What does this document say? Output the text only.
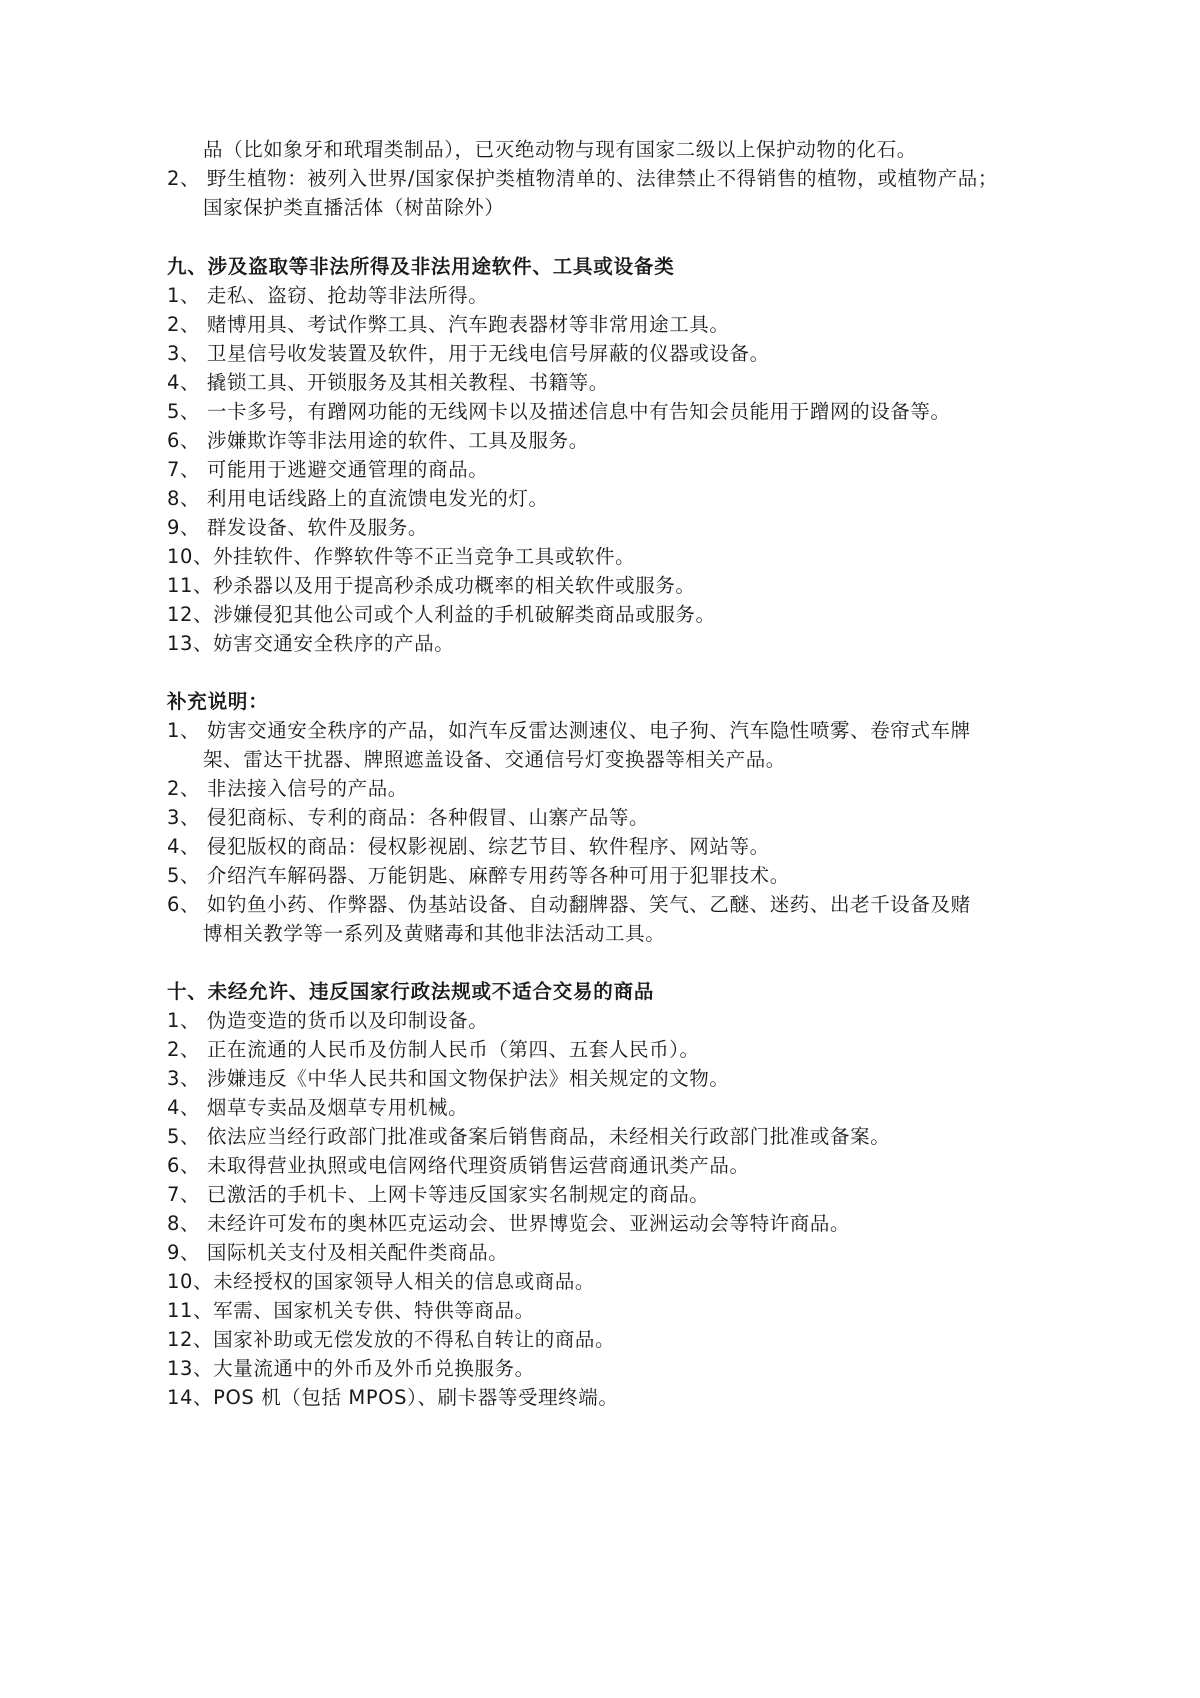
品（比如象牙和玳瑁类制品），已灭绝动物与现有国家二级以上保护动物的化石。
2、 野生植物：被列入世界/国家保护类植物清单的、法律禁止不得销售的植物，或植物产品；
国家保护类直播活体（树苗除外）
九、涉及盗取等非法所得及非法用途软件、工具或设备类
1、 走私、盗窃、抢劫等非法所得。
2、 赌博用具、考试作弊工具、汽车跑表器材等非常用途工具。
3、 卫星信号收发装置及软件，用于无线电信号屏蔽的仪器或设备。
4、 撬锁工具、开锁服务及其相关教程、书籍等。
5、 一卡多号，有蹭网功能的无线网卡以及描述信息中有告知会员能用于蹭网的设备等。
6、 涉嫌欺诈等非法用途的软件、工具及服务。
7、 可能用于逃避交通管理的商品。
8、 利用电话线路上的直流馈电发光的灯。
9、 群发设备、软件及服务。
10、外挂软件、作弊软件等不正当竞争工具或软件。
11、秒杀器以及用于提高秒杀成功概率的相关软件或服务。
12、涉嫌侵犯其他公司或个人利益的手机破解类商品或服务。
13、妨害交通安全秩序的产品。
补充说明：
1、 妨害交通安全秩序的产品，如汽车反雷达测速仪、电子狗、汽车隐性喷雾、卷帘式车牌
架、雷达干扰器、牌照遮盖设备、交通信号灯变换器等相关产品。
2、 非法接入信号的产品。
3、 侵犯商标、专利的商品：各种假冒、山寨产品等。
4、 侵犯版权的商品：侵权影视剧、综艺节目、软件程序、网站等。
5、 介绍汽车解码器、万能钥匙、麻醉专用药等各种可用于犯罪技术。
6、 如钓鱼小药、作弊器、伪基站设备、自动翻牌器、笑气、乙醚、迷药、出老千设备及赌
博相关教学等一系列及黄赌毒和其他非法活动工具。
十、未经允许、违反国家行政法规或不适合交易的商品
1、 伪造变造的货币以及印制设备。
2、 正在流通的人民币及仿制人民币（第四、五套人民币）。
3、 涉嫌违反《中华人民共和国文物保护法》相关规定的文物。
4、 烟草专卖品及烟草专用机械。
5、 依法应当经行政部门批准或备案后销售商品，未经相关行政部门批准或备案。
6、 未取得营业执照或电信网络代理资质销售运营商通讯类产品。
7、 已激活的手机卡、上网卡等违反国家实名制规定的商品。
8、 未经许可发布的奥林匹克运动会、世界博览会、亚洲运动会等特许商品。
9、 国际机关支付及相关配件类商品。
10、未经授权的国家领导人相关的信息或商品。
11、军需、国家机关专供、特供等商品。
12、国家补助或无偿发放的不得私自转让的商品。
13、大量流通中的外币及外币兑换服务。
14、POS 机（包括 MPOS）、刷卡器等受理终端。
